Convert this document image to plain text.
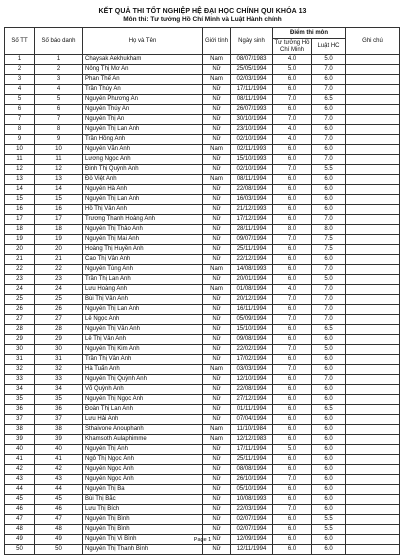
KẾT QUẢ THI TỐT NGHIỆP HỆ ĐẠI HỌC CHÍNH QUI KHÓA 13
Môn thi: Tư tưởng Hồ Chí Minh và Luật Hành chính
Số TT	Số báo danh	Họ và Tên	Giới tính	Ngày sinh	Điểm thi môn		Ghi chú
					Tư tưởng Hồ Chí Minh	Luật HC	
1	1	Chaysak Aekhukham	Nam	08/07/1983	4.0	5.0	
2	2	Nông Thị Mơ An	Nữ	25/05/1994	5.0	7.0	
3	3	Phan Thế An	Nam	02/03/1994	6.0	6.0	
4	4	Trần Thúy An	Nữ	17/11/1994	6.0	7.0	
5	5	Nguyễn Phương An	Nữ	08/11/1994	7.0	6.5	
6	6	Nguyễn Thúy An	Nữ	26/07/1993	6.0	6.0	
7	7	Nguyễn Thị An	Nữ	30/10/1994	7.0	7.0	
8	8	Nguyễn Thị Lan Anh	Nữ	23/10/1994	4.0	6.0	
9	9	Trần Hồng Anh	Nữ	02/10/1994	4.0	7.0	
10	10	Nguyễn Văn Anh	Nam	02/11/1993	6.0	6.0	
11	11	Lương Ngọc Anh	Nữ	15/10/1993	6.0	7.0	
12	12	Đinh Thị Quỳnh Anh	Nữ	02/10/1994	7.0	5.5	
13	13	Đỗ Việt Anh	Nam	08/11/1994	6.0	6.0	
14	14	Nguyễn Hà Anh	Nữ	22/08/1994	6.0	6.0	
15	15	Nguyễn Thị Lan Anh	Nữ	16/03/1994	6.0	6.0	
16	16	Hồ Thị Vân Anh	Nữ	21/12/1993	6.0	6.0	
17	17	Trương Thanh Hoàng Anh	Nữ	17/12/1994	6.0	7.0	
18	18	Nguyễn Thị Thảo Anh	Nữ	28/11/1994	8.0	8.0	
19	19	Nguyễn Thị Mai Anh	Nữ	09/07/1994	7.0	7.5	
20	20	Hoàng Thị Huyền Anh	Nữ	25/11/1994	6.0	7.5	
21	21	Cao Thị Vân Anh	Nữ	22/12/1994	6.0	6.0	
22	22	Nguyễn Tùng Anh	Nam	14/08/1993	6.0	7.0	
23	23	Trần Thị Lan Anh	Nữ	20/01/1994	6.0	5.0	
24	24	Lưu Hoàng Anh	Nam	01/08/1994	4.0	7.0	
25	25	Bùi Thị Vân Anh	Nữ	20/12/1994	7.0	7.0	
26	26	Nguyễn Thị Lan Anh	Nữ	16/11/1994	6.0	7.0	
27	27	Lê Ngọc Anh	Nữ	05/09/1994	7.0	7.0	
28	28	Nguyễn Thị Vân Anh	Nữ	15/10/1994	6.0	6.5	
29	29	Lê Thị Vân Anh	Nữ	09/08/1994	6.0	6.0	
30	30	Nguyễn Thị Kim Anh	Nữ	22/02/1994	7.0	5.0	
31	31	Trần Thị Vân Anh	Nữ	17/02/1994	6.0	6.0	
32	32	Hà Tuấn Anh	Nam	03/03/1994	7.0	6.0	
33	33	Nguyễn Thị Quỳnh Anh	Nữ	12/10/1994	6.0	7.0	
34	34	Võ Quỳnh Anh	Nữ	22/08/1994	6.0	6.0	
35	35	Nguyễn Thị Ngọc Anh	Nữ	27/12/1994	6.0	6.0	
36	36	Đoàn Thị Lan Anh	Nữ	01/11/1994	6.0	6.5	
37	37	Lưu Hải Anh	Nữ	07/04/1994	6.0	6.0	
38	38	Sthaivone Anouphanh	Nam	11/10/1984	6.0	6.0	
39	39	Khamsoth Aulaphimme	Nam	12/12/1983	6.0	6.0	
40	40	Nguyễn Thị Ánh	Nữ	17/11/1994	5.0	6.0	
41	41	Ngô Thị Ngọc Ánh	Nữ	25/11/1994	6.0	6.0	
42	42	Nguyễn Ngọc Ánh	Nữ	08/08/1994	6.0	6.0	
43	43	Nguyễn Ngọc Ánh	Nữ	26/10/1994	7.0	6.0	
44	44	Nguyễn Thị Ba	Nữ	05/10/1994	6.0	6.0	
45	45	Bùi Thị Bắc	Nữ	10/08/1993	6.0	6.0	
46	46	Lưu Thị Bích	Nữ	22/03/1994	7.0	6.0	
47	47	Nguyễn Thị Bình	Nữ	02/07/1994	6.0	5.5	
48	48	Nguyễn Thị Bình	Nữ	02/07/1994	6.0	5.5	
49	49	Nguyễn Thị Vi Bình	Nữ	12/09/1994	6.0	6.0	
50	50	Nguyễn Thị Thanh Bình	Nữ	12/11/1994	6.0	6.0	
Page 1
